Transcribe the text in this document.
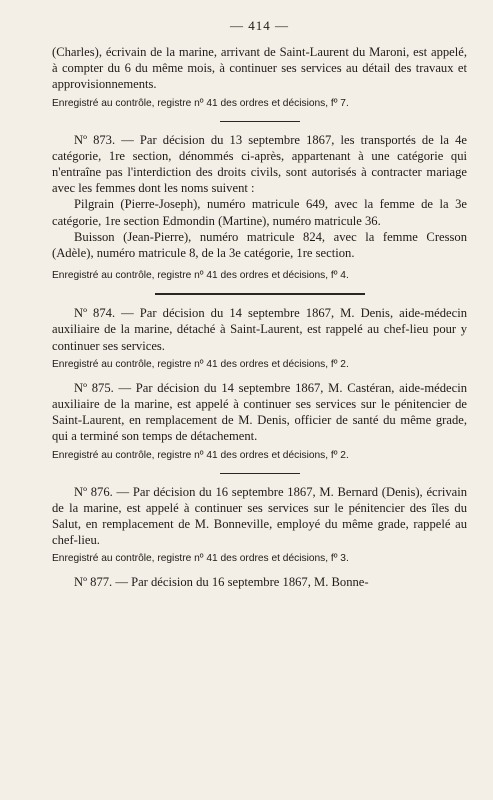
— 414 —

(Charles), écrivain de la marine, arrivant de Saint-Laurent du Maroni, est appelé, à compter du 6 du même mois, à continuer ses services au détail des travaux et approvisionnements.

Enregistré au contrôle, registre nº 41 des ordres et décisions, fº 7.

Nº 873. — Par décision du 13 septembre 1867, les transportés de la 4e catégorie, 1re section, dénommés ci-après, appartenant à une catégorie qui n'entraîne pas l'interdiction des droits civils, sont autorisés à contracter mariage avec les femmes dont les noms suivent :

Pilgrain (Pierre-Joseph), numéro matricule 649, avec la femme de la 3e catégorie, 1re section Edmondin (Martine), numéro matricule 36.

Buisson (Jean-Pierre), numéro matricule 824, avec la femme Cresson (Adèle), numéro matricule 8, de la 3e catégorie, 1re section.

Enregistré au contrôle, registre nº 41 des ordres et décisions, fº 4.

Nº 874. — Par décision du 14 septembre 1867, M. Denis, aide-médecin auxiliaire de la marine, détaché à Saint-Laurent, est rappelé au chef-lieu pour y continuer ses services.

Enregistré au contrôle, registre nº 41 des ordres et décisions, fº 2.

Nº 875. — Par décision du 14 septembre 1867, M. Castéran, aide-médecin auxiliaire de la marine, est appelé à continuer ses services sur le pénitencier de Saint-Laurent, en remplacement de M. Denis, officier de santé du même grade, qui a terminé son temps de détachement.

Enregistré au contrôle, registre nº 41 des ordres et décisions, fº 2.

Nº 876. — Par décision du 16 septembre 1867, M. Bernard (Denis), écrivain de la marine, est appelé à continuer ses services sur le pénitencier des îles du Salut, en remplacement de M. Bonneville, employé du même grade, rappelé au chef-lieu.

Enregistré au contrôle, registre nº 41 des ordres et décisions, fº 3.

Nº 877. — Par décision du 16 septembre 1867, M. Bonne-
